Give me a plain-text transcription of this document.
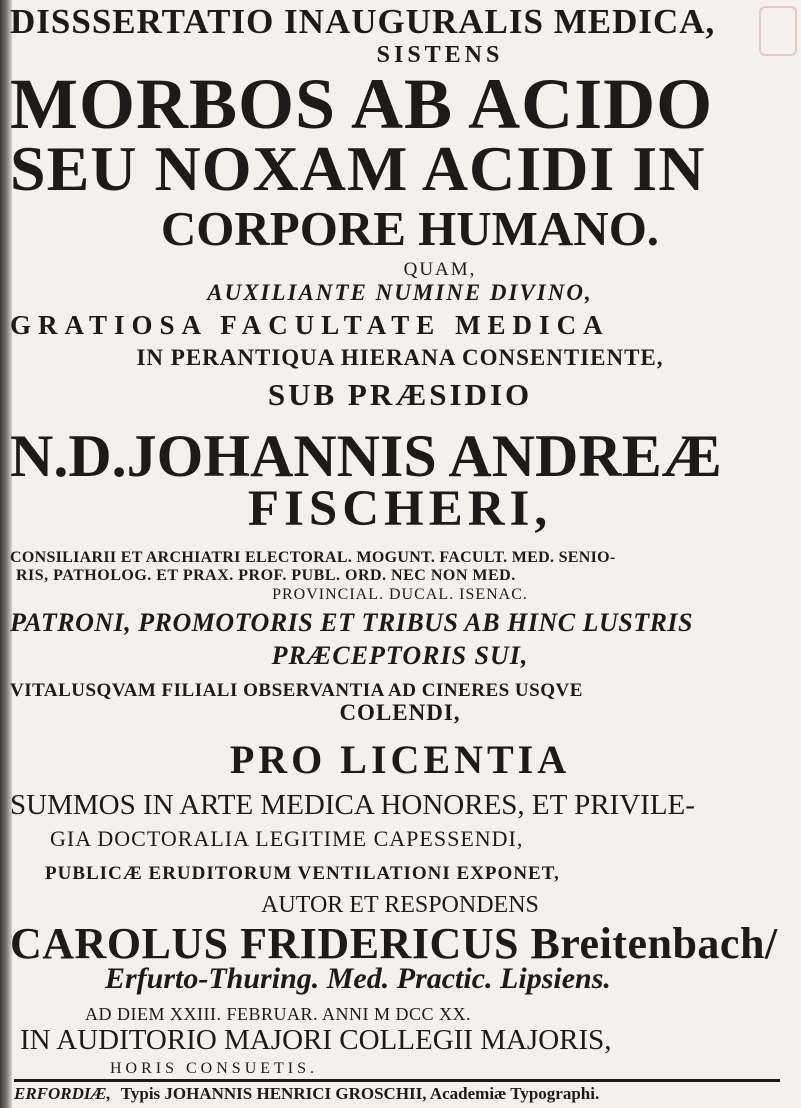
DISSSERTATIO INAUGURALIS MEDICA,
SISTENS
MORBOS AB ACIDO
SEU NOXAM ACIDI IN
CORPORE HUMANO.
QUAM,
AUXILIANTE NUMINE DIVINO,
GRATIOSA FACULTATE MEDICA
IN PERANTIQUA HIERANA CONSENTIENTE,
SUB PRÆSIDIO
N.D.JOHANNIS ANDREÆ
FISCHERI,
CONSILIARII ET ARCHIATRI ELECTORAL. MOGUNT. FACULT. MED. SENIO-
RIS, PATHOLOG. ET PRAX. PROF. PUBL. ORD. NEC NON MED.
PROVINCIAL. DUCAL. ISENAC.
PATRONI, PROMOTORIS ET TRIBUS AB HINC LUSTRIS
PRÆCEPTORIS SUI,
VITALUSQVAM FILIALI OBSERVANTIA AD CINERES USQVE
COLENDI,
PRO LICENTIA
SUMMOS IN ARTE MEDICA HONORES, ET PRIVILE-
GIA DOCTORALIA LEGITIME CAPESSENDI,
PUBLICÆ ERUDITORUM VENTILATIONI EXPONET,
AUTOR ET RESPONDENS
CAROLUS FRIDERICUS Breitenbach/
Erfurto-Thuring. Med. Practic. Lipsiens.
AD DIEM XXIII. FEBRUAR. ANNI M DCC XX.
IN AUDITORIO MAJORI COLLEGII MAJORIS,
HORIS CONSUETIS.
ERFORDIÆ, Typis JOHANNIS HENRICI GROSCHII, Academiæ Typographi.
